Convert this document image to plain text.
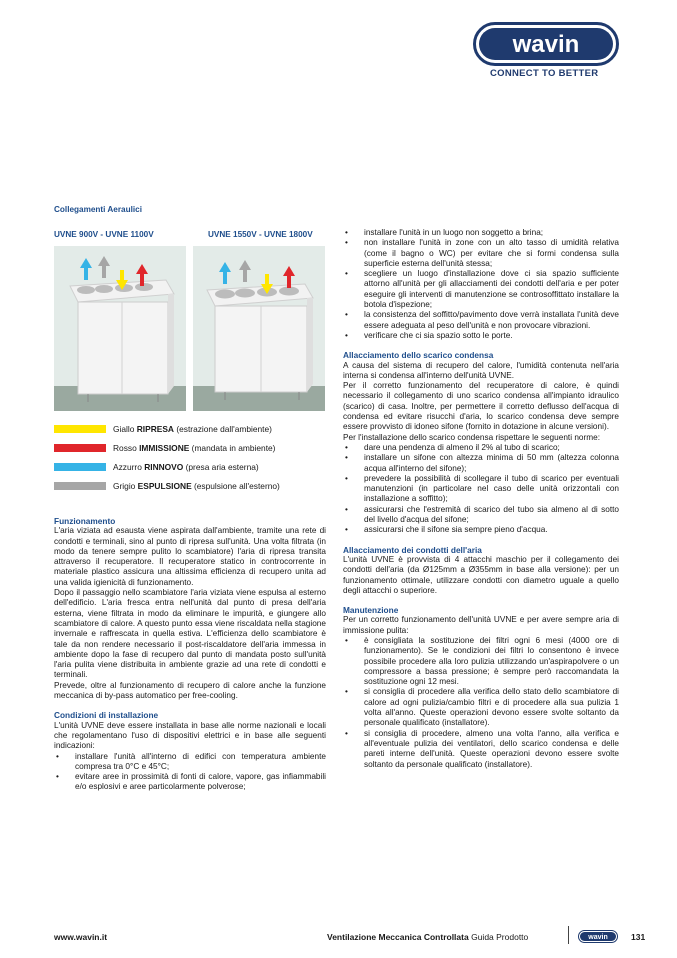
wavin
CONNECT TO BETTER
Collegamenti Aeraulici
UVNE 900V - UVNE 1100V	UVNE 1550V - UVNE 1800V
Giallo
RIPRESA
(estrazione dall'ambiente)
Rosso
IMMISSIONE
(mandata in ambiente)
Azzurro
RINNOVO
(presa aria esterna)
Grigio
ESPULSIONE
(espulsione all'esterno)

Funzionamento

L'aria viziata ad esausta viene aspirata dall'ambiente, tramite una rete di condotti e terminali, sino al punto di ripresa sull'unità. Una volta filtrata (in modo da tenere sempre pulito lo scambiatore) l'aria di ripresa transita attraverso il recuperatore. Il recuperatore statico in controcorrente in materiale plastico assicura una altissima efficienza di recupero unita ad una valida igienicità di funzionamento.

Dopo il passaggio nello scambiatore l'aria viziata viene espulsa al esterno dell'edificio. L'aria fresca entra nell'unità dal punto di presa dell'aria esterna, viene filtrata in modo da eliminare le impurità, e giungere allo scambiatore di calore. A questo punto essa viene riscaldata nella stagione invernale e raffrescata in quella estiva. L'efficienza dello scambiatore è tale da non rendere necessario il post-riscaldatore dell'aria immessa in ambiente dopo la fase di recupero dal punto di mandata posto sull'unità l'aria pulita viene distribuita in ambiente grazie ad una rete di condotti e terminali.

Prevede, oltre al funzionamento di recupero di calore anche la funzione meccanica di by-pass automatico per free-cooling.

Condizioni di installazione

L'unità UVNE deve essere installata in base alle norme nazionali e locali che regolamentano l'uso di dispositivi elettrici e in base alle seguenti indicazioni:

• installare l'unità all'interno di edifici con temperatura ambiente compresa tra 0°C e 45°C;
• evitare aree in prossimità di fonti di calore, vapore, gas infiammabili e/o esplosivi e aree particolarmente polverose;
• installare l'unità in un luogo non soggetto a brina;
• non installare l'unità in zone con un alto tasso di umidità relativa (come il bagno o WC) per evitare che si formi condensa sulla superficie esterna dell'unità stessa;
• scegliere un luogo d'installazione dove ci sia spazio sufficiente attorno all'unità per gli allacciamenti dei condotti dell'aria e per poter eseguire gli interventi di manutenzione se controsoffittato installare la botola d'ispezione;
• la consistenza del soffitto/pavimento dove verrà installata l'unità deve essere adeguata al peso dell'unità e non provocare vibrazioni.
• verificare che ci sia spazio sotto le porte.

Allacciamento dello scarico condensa

A causa del sistema di recupero del calore, l'umidità contenuta nell'aria interna si condensa all'interno dell'unità UVNE.

Per il corretto funzionamento del recuperatore di calore, è quindi necessario il collegamento di uno scarico condensa all'impianto idraulico (scarico) di casa. Inoltre, per permettere il corretto deflusso dell'acqua di condensa ed evitare risucchi d'aria, lo scarico condensa deve sempre essere provvisto di idoneo sifone (fornito in dotazione in alcune versioni).

Per l'installazione dello scarico condensa rispettare le seguenti norme:

• dare una pendenza di almeno il 2% al tubo di scarico;
• installare un sifone con altezza minima di 50 mm (altezza colonna acqua all'interno del sifone);
• prevedere la possibilità di scollegare il tubo di scarico per eventuali manutenzioni (in particolare nel caso delle unità orizzontali con installazione a soffitto);
• assicurarsi che l'estremità di scarico del tubo sia almeno al di sotto del livello d'acqua del sifone;
• assicurarsi che il sifone sia sempre pieno d'acqua.

Allacciamento dei condotti dell'aria

L'unità UVNE è provvista di 4 attacchi maschio per il collegamento dei condotti dell'aria (da Ø125mm a Ø355mm in base alla versione): per un funzionamento ottimale, utilizzare condotti con diametro uguale a quello degli attacchi o superiore.

Manutenzione

Per un corretto funzionamento dell'unità UVNE e per avere sempre aria di immissione pulita:

• è consigliata la sostituzione dei filtri ogni 6 mesi (4000 ore di funzionamento). Se le condizioni dei filtri lo consentono è invece possibile procedere alla loro pulizia utilizzando un'aspirapolvere o un compressore a bassa pressione; è sempre però raccomandata la sostituzione ogni 12 mesi.
• si consiglia di procedere alla verifica dello stato dello scambiatore di calore ad ogni pulizia/cambio filtri e di procedere alla sua pulizia 1 volta all'anno. Queste operazioni devono essere svolte soltanto da personale qualificato (installatore).
• si consiglia di procedere, almeno una volta l'anno, alla verifica e all'eventuale pulizia dei ventilatori, dello scarico condensa e delle pareti interne dell'unità. Queste operazioni devono essere svolte soltanto da personale qualificato (installatore).
www.wavin.it	Ventilazione Meccanica Controllata Guida Prodotto	wavin	131
